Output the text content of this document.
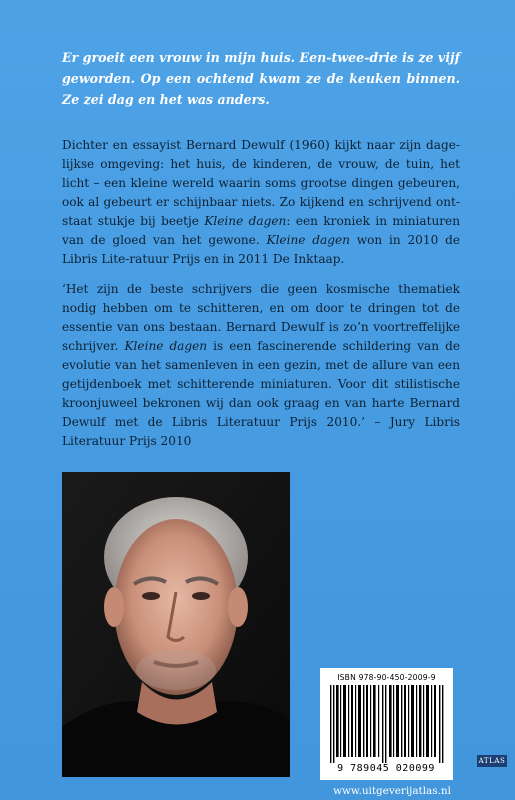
Er groeit een vrouw in mijn huis. Een-twee-drie is ze vijf geworden. Op een ochtend kwam ze de keuken binnen. Ze zei dag en het was anders.

Dichter en essayist Bernard Dewulf (1960) kijkt naar zijn dage-lijkse omgeving: het huis, de kinderen, de vrouw, de tuin, het licht – een kleine wereld waarin soms grootse dingen gebeuren, ook al gebeurt er schijnbaar niets. Zo kijkend en schrijvend ont-staat stukje bij beetje Kleine dagen: een kroniek in miniaturen van de gloed van het gewone. Kleine dagen won in 2010 de Libris Lite-ratuur Prijs en in 2011 De Inktaap.

‘Het zijn de beste schrijvers die geen kosmische thematiek nodig hebben om te schitteren, en om door te dringen tot de essentie van ons bestaan. Bernard Dewulf is zo’n voortreffelijke schrijver. Kleine dagen is een fascinerende schildering van de evolutie van het samenleven in een gezin, met de allure van een getijdenboek met schitterende miniaturen. Voor dit stilistische kroonjuweel bekronen wij dan ook graag en van harte Bernard Dewulf met de Libris Literatuur Prijs 2010.’ – Jury Libris Literatuur Prijs 2010

ISBN 978-90-450-2009-9
9 789045 020099
ATLAS
www.uitgeverijatlas.nl
